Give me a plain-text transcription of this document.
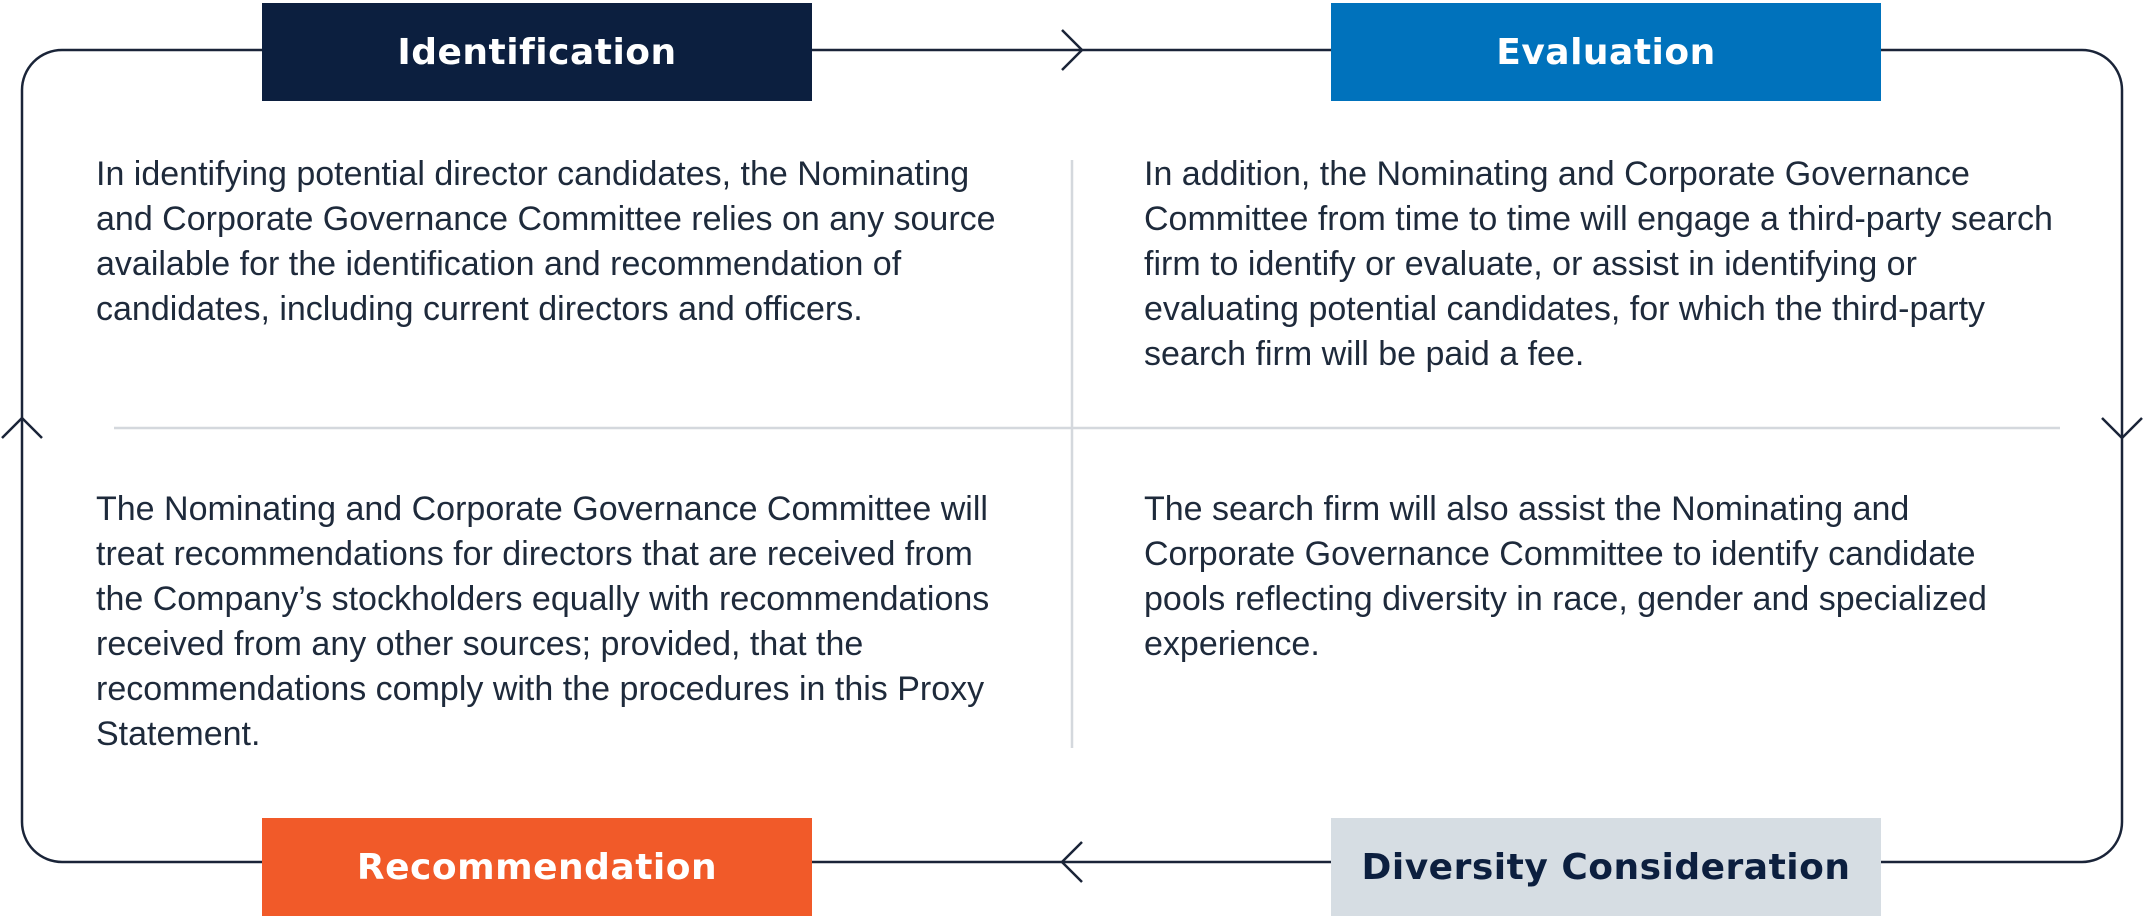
Identification	Evaluation
Recommendation	Diversity Consideration

In identifying potential director candidates, the Nominating and Corporate Governance Committee relies on any source available for the identification and recommendation of candidates, including current directors and officers.

In addition, the Nominating and Corporate Governance Committee from time to time will engage a third-party search firm to identify or evaluate, or assist in identifying or evaluating potential candidates, for which the third-party search firm will be paid a fee.

The Nominating and Corporate Governance Committee will treat recommendations for directors that are received from the Company’s stockholders equally with recommendations received from any other sources; provided, that the recommendations comply with the procedures in this Proxy Statement.

The search firm will also assist the Nominating and Corporate Governance Committee to identify candidate pools reflecting diversity in race, gender and specialized experience.
